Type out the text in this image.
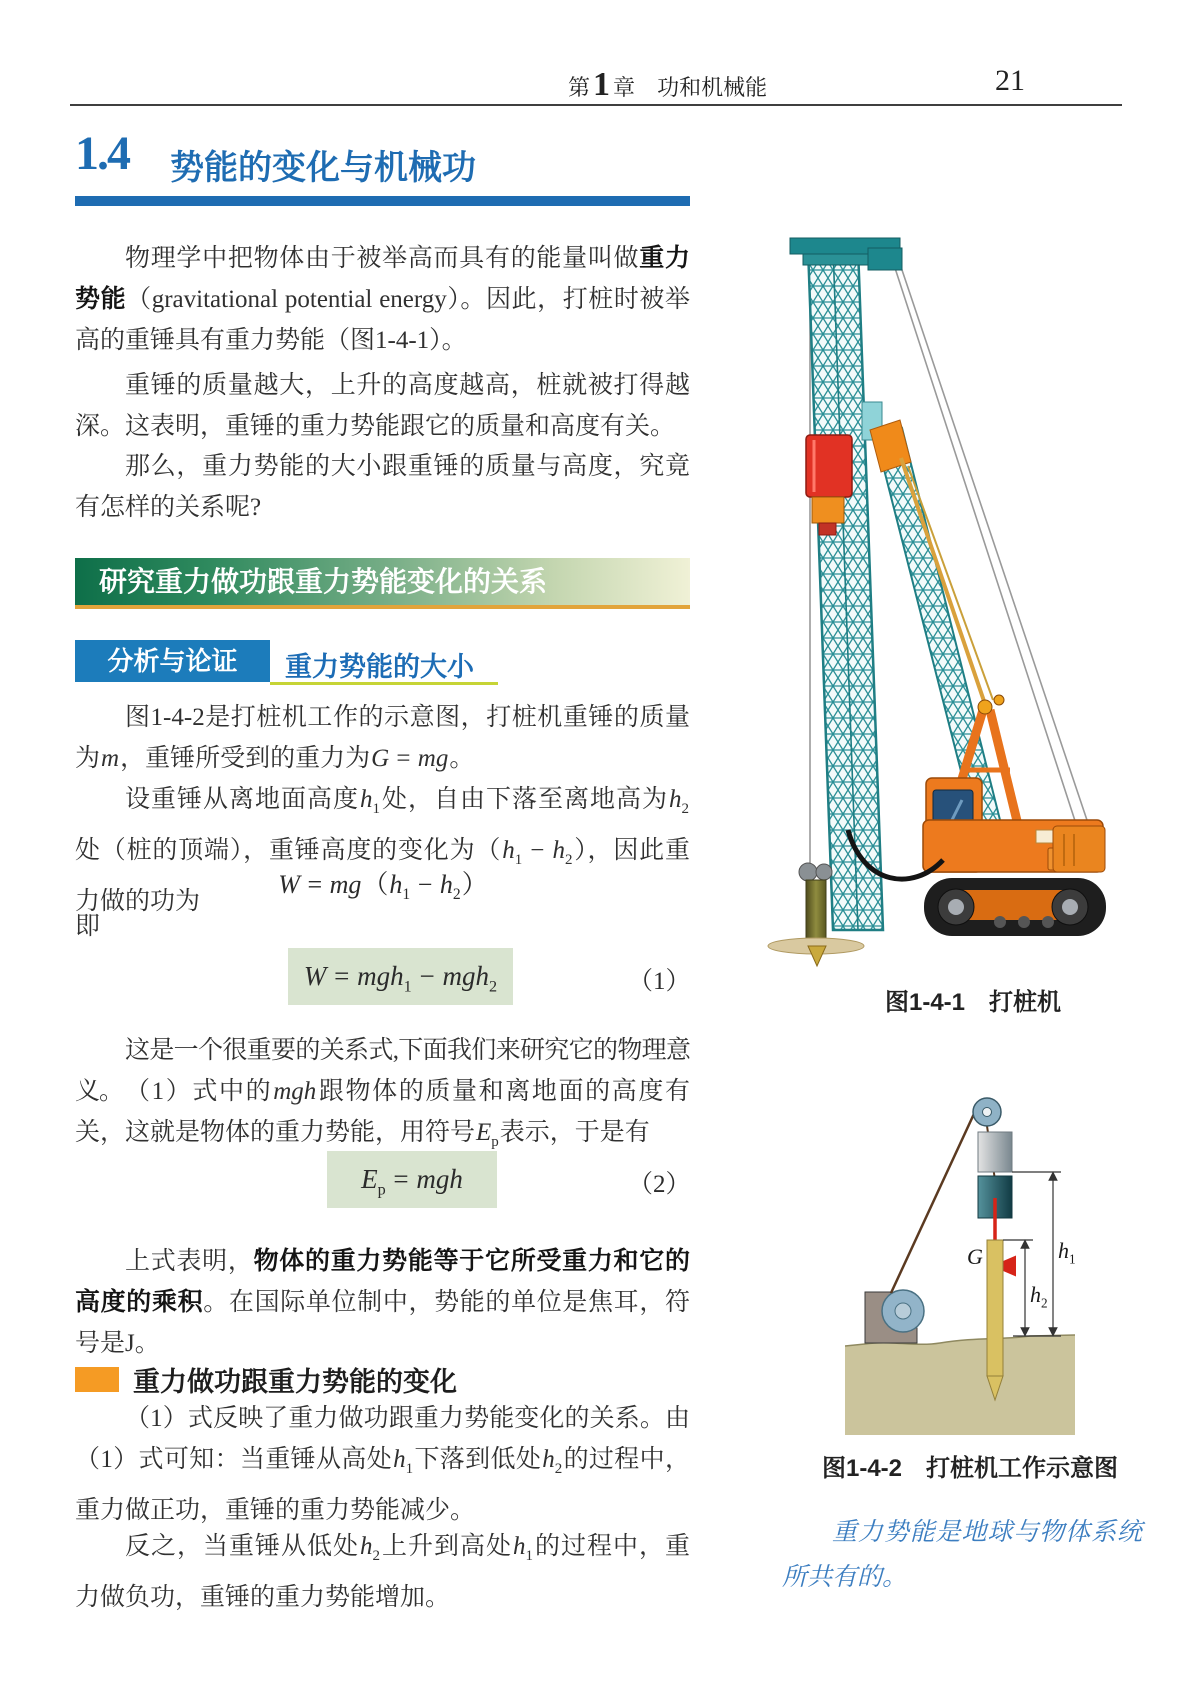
第1 章 功和机械能	21
1.4 势能的变化与机械功
物理学中把物体由于被举高而具有的能量叫做重力势能（gravitational potential energy）。因此，打桩时被举高的重锤具有重力势能（图1-4-1）。
重锤的质量越大，上升的高度越高，桩就被打得越深。这表明，重锤的重力势能跟它的质量和高度有关。
那么，重力势能的大小跟重锤的质量与高度，究竟有怎样的关系呢?
研究重力做功跟重力势能变化的关系
分析与论证	重力势能的大小
图1-4-2是打桩机工作的示意图，打桩机重锤的质量为m，重锤所受到的重力为G = mg。
设重锤从离地面高度$h_1$处，自由下落至离地高为$h_2$处（桩的顶端），重锤高度的变化为$(h_1 - h_2)$，因此重力做的功为
$W = mg(h_1 - h_2)$
即
W = mgh$_1$ − mgh$_2$	（1）
这是一个很重要的关系式,下面我们来研究它的物理意义。 （1）式中的mgh跟物体的质量和离地面的高度有关，这就是物体的重力势能，用符号$E_p$表示，于是有
$E_p$ = mgh	（2）
上式表明，物体的重力势能等于它所受重力和它的高度的乘积。在国际单位制中，势能的单位是焦耳，符号是J。
重力做功跟重力势能的变化
（1）式反映了重力做功跟重力势能变化的关系。由（1）式可知：当重锤从高处$h_1$下落到低处$h_2$的过程中，重力做正功，重锤的重力势能减少。
反之，当重锤从低处$h_2$上升到高处$h_1$的过程中，重力做负功，重锤的重力势能增加。
图1-4-1　打桩机
G	$h_1$
$h_2$
图1-4-2　打桩机工作示意图
重力势能是地球与物体系统所共有的。
